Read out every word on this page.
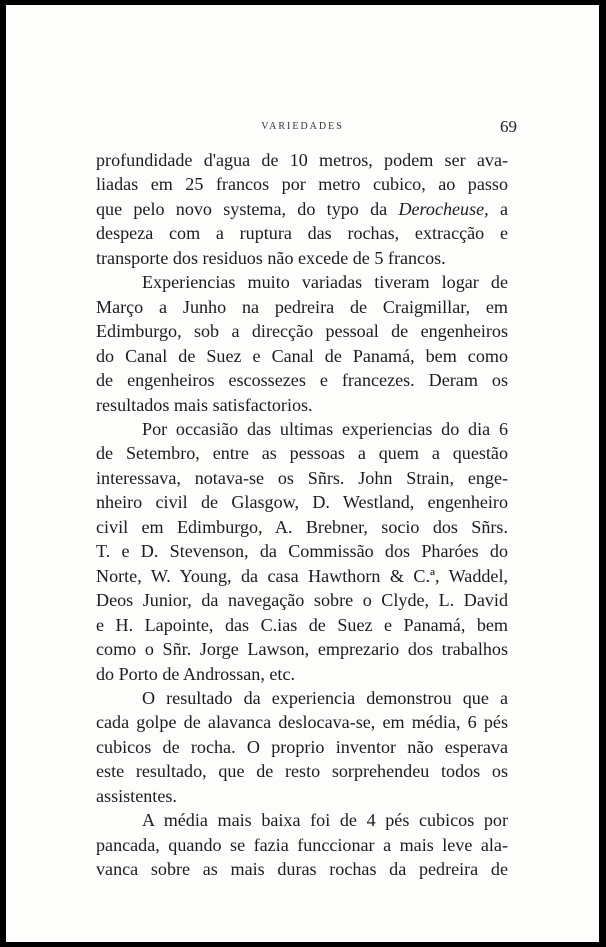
VARIEDADES	69

profundidade d'agua de 10 metros, podem ser ava-
liadas em 25 francos por metro cubico, ao passo
que pelo novo systema, do typo da Derocheuse, a
despeza com a ruptura das rochas, extracção e
transporte dos residuos não excede de 5 francos.

Experiencias muito variadas tiveram logar de
Março a Junho na pedreira de Craigmillar, em
Edimburgo, sob a direcção pessoal de engenheiros
do Canal de Suez e Canal de Panamá, bem como
de engenheiros escossezes e francezes. Deram os
resultados mais satisfactorios.

Por occasião das ultimas experiencias do dia 6
de Setembro, entre as pessoas a quem a questão
interessava, notava-se os Sñrs. John Strain, enge-
nheiro civil de Glasgow, D. Westland, engenheiro
civil em Edimburgo, A. Brebner, socio dos Sñrs.
T. e D. Stevenson, da Commissão dos Pharóes do
Norte, W. Young, da casa Hawthorn & C.ª, Waddel,
Deos Junior, da navegação sobre o Clyde, L. David
e H. Lapointe, das C.ias de Suez e Panamá, bem
como o Sñr. Jorge Lawson, emprezario dos trabalhos
do Porto de Androssan, etc.

O resultado da experiencia demonstrou que a
cada golpe de alavanca deslocava-se, em média, 6 pés
cubicos de rocha. O proprio inventor não esperava
este resultado, que de resto sorprehendeu todos os
assistentes.

A média mais baixa foi de 4 pés cubicos por
pancada, quando se fazia funccionar a mais leve ala-
vanca sobre as mais duras rochas da pedreira de
